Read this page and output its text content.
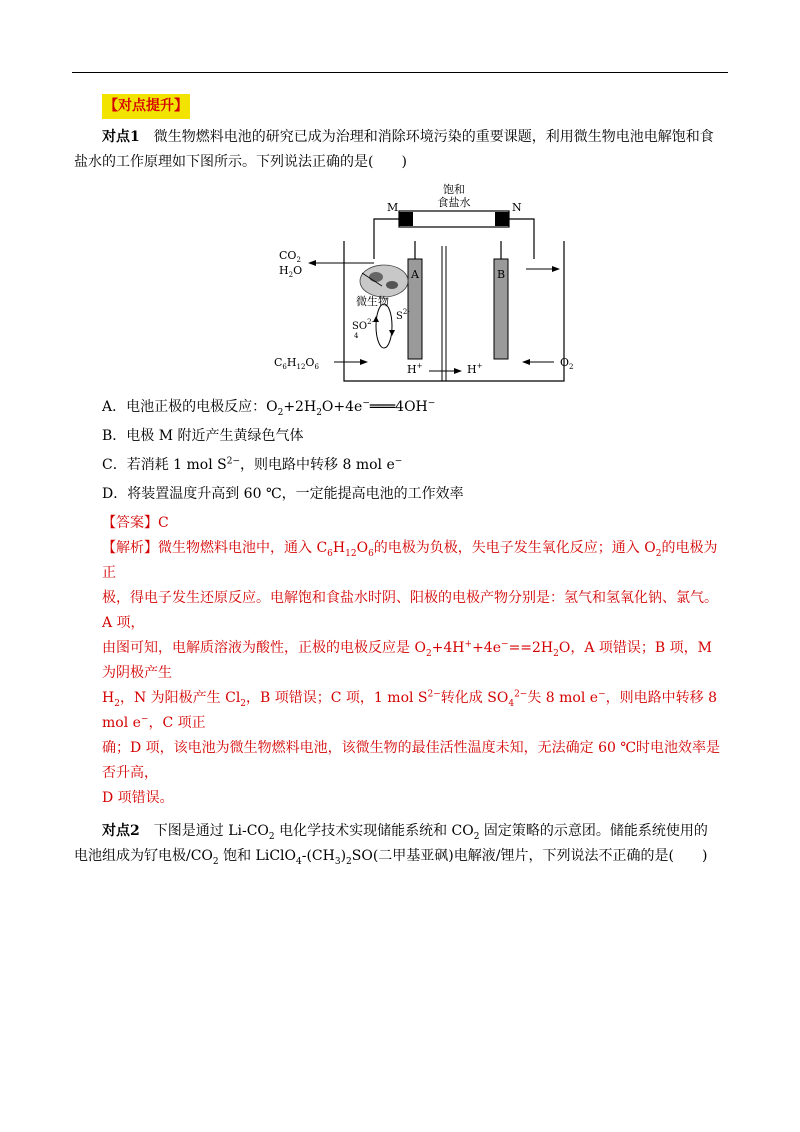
【对点提升】

对点1　 微生物燃料电池的研究已成为治理和消除环境污染的重要课题，利用微生物电池电解饱和食
盐水的工作原理如下图所示。下列说法正确的是(　　)

饱和
食盐水
M	N
A	B
微生物
$CO_2$
$H_2O$
$SO^{2-}$
4
$S^{2-}$
$C_6H_{12}O_6$	H+	H+	$O_2$

A．电池正极的电极反应：$O_2+2H_2O+4e^-═══4OH^-$

B．电极 M 附近产生黄绿色气体

C．若消耗 1 mol $S^{2-}$，则电路中转移 8 mol e−

D．将装置温度升高到 60 ℃，一定能提高电池的工作效率

【答案】C

【解析】微生物燃料电池中，通入 $C_6H_{12}O_6$的电极为负极，失电子发生氧化反应；通入 $O_2$的电极为正
极，得电子发生还原反应。电解饱和食盐水时阴、阳极的电极产物分别是：氢气和氢氧化钠、氯气。A 项，
由图可知，电解质溶液为酸性，正极的电极反应是 $O_2+4H^++4e^-==2H_2O$，A 项错误；B 项，M 为阴极产生
$H_2$，N 为阳极产生 $Cl_2$，B 项错误；C 项，1 mol $S^{2-}$转化成 $SO_4^{2-}$失 8 mol e−，则电路中转移 8 mol e−，C 项正
确；D 项，该电池为微生物燃料电池，该微生物的最佳活性温度未知，无法确定 60 ℃时电池效率是否升高，
D 项错误。

对点2　 下图是通过 $Li-CO_2$ 电化学技术实现储能系统和 $CO_2$ 固定策略的示意团。储能系统使用的
电池组成为钌电极$/CO_2$ 饱和 $LiClO_4-(CH_3)_2SO$(二甲基亚砜)电解液/锂片，下列说法不正确的是(　　)
